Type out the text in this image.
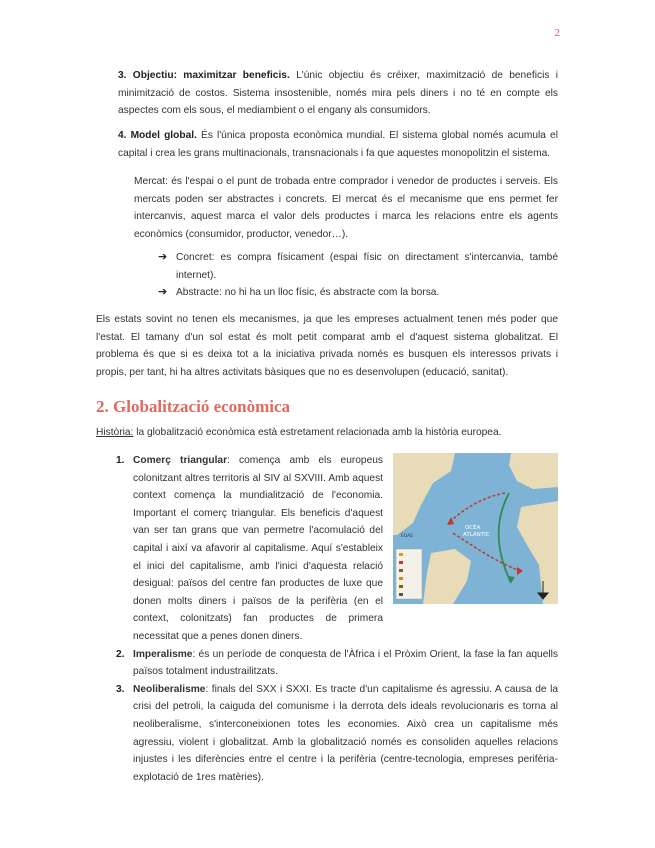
2
3. Objectiu: maximitzar beneficis. L'únic objectiu és créixer, maximització de beneficis i minimització de costos. Sistema insostenible, només mira pels diners i no té en compte els aspectes com els sous, el mediambient o el engany als consumidors.
4. Model global. És l'única proposta econòmica mundial. El sistema global només acumula el capital i crea les grans multinacionals, transnacionals i fa que aquestes monopolitzin el sistema.
Mercat: és l'espai o el punt de trobada entre comprador i venedor de productes i serveis. Els mercats poden ser abstractes i concrets. El mercat és el mecanisme que ens permet fer intercanvis, aquest marca el valor dels productes i marca les relacions entre els agents econòmics (consumidor, productor, venedor…).
➔ Concret: es compra físicament (espai físic on directament s'intercanvia, també internet).
➔ Abstracte: no hi ha un lloc físic, és abstracte com la borsa.
Els estats sovint no tenen els mecanismes, ja que les empreses actualment tenen més poder que l'estat. El tamany d'un sol estat és molt petit comparat amb el d'aquest sistema globalitzat. El problema és que si es deixa tot a la iniciativa privada només es busquen els interessos privats i propis, per tant, hi ha altres activitats bàsiques que no es desenvolupen (educació, sanitat).
2. Globalització econòmica
Història: la globalització econòmica està estretament relacionada amb la història europea.
1. Comerç triangular: comença amb els europeus colonitzant altres territoris al SIV al SXVIII. Amb aquest context comença la mundialització de l'economia. Important el comerç triangular. Els beneficis d'aquest van ser tan grans que van permetre l'acomulació del capital i així va afavorir al capitalisme. Aquí s'estableix el inici del capitalisme, amb l'inici d'aquesta relació desigual: països del centre fan productes de luxe que donen molts diners i països de la perifèria (en el context, colonitzats) fan productes de primera necessitat que a penes donen diners.
2. Imperalisme: és un període de conquesta de l'Àfrica i el Pròxim Orient, la fase la fan aquells països totalment industrailitzats.
3. Neoliberalisme: finals del SXX i SXXI. Es tracte d'un capitalisme és agressiu. A causa de la crisi del petroli, la caiguda del comunisme i la derrota dels ideals revolucionaris es torna al neoliberalisme, s'interconeixionen totes les economies. Això crea un capitalisme més agressiu, violent i globalitzat. Amb la globalització només es consoliden aquelles relacions injustes i les diferències entre el centre i la perifèria (centre-tecnologia, empreses perifèria-explotació de 1res matèries).
OCÉA
ATLÀNTIC
EUAE
